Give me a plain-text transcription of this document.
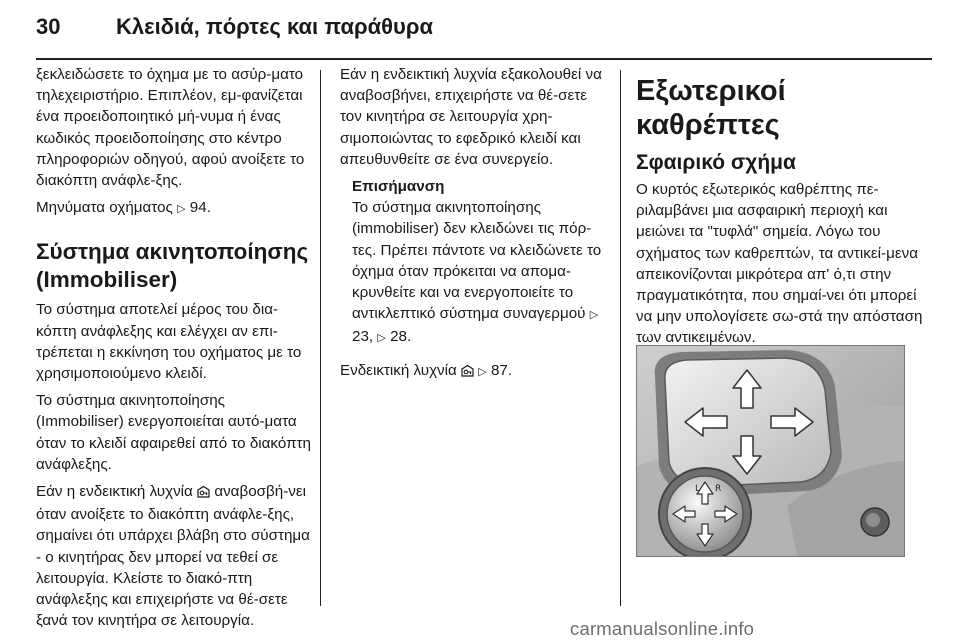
30	Κλειδιά, πόρτες και παράθυρα

ξεκλειδώσετε το όχημα με το ασύρ-ματο τηλεχειριστήριο. Επιπλέον, εμ-φανίζεται ένα προειδοποιητικό μή-νυμα ή ένας κωδικός προειδοποίησης στο κέντρο πληροφοριών οδηγού, αφού ανοίξετε το διακόπτη ανάφλε-ξης.

Μηνύματα οχήματος ▷ 94.

Σύστημα ακινητοποίησης (Immobiliser)

Το σύστημα αποτελεί μέρος του δια-κόπτη ανάφλεξης και ελέγχει αν επι-τρέπεται η εκκίνηση του οχήματος με το χρησιμοποιούμενο κλειδί.

Το σύστημα ακινητοποίησης (Immobiliser) ενεργοποιείται αυτό-ματα όταν το κλειδί αφαιρεθεί από το διακόπτη ανάφλεξης.

Εάν η ενδεικτική λυχνία αναβοσβή-νει όταν ανοίξετε το διακόπτη ανάφλε-ξης, σημαίνει ότι υπάρχει βλάβη στο σύστημα - ο κινητήρας δεν μπορεί να τεθεί σε λειτουργία. Κλείστε το διακό-πτη ανάφλεξης και επιχειρήστε να θέ-σετε ξανά τον κινητήρα σε λειτουργία.

Εάν η ενδεικτική λυχνία εξακολουθεί να αναβοσβήνει, επιχειρήστε να θέ-σετε τον κινητήρα σε λειτουργία χρη-σιμοποιώντας το εφεδρικό κλειδί και απευθυνθείτε σε ένα συνεργείο.

Επισήμανση
Το σύστημα ακινητοποίησης (immobiliser) δεν κλειδώνει τις πόρ-τες. Πρέπει πάντοτε να κλειδώνετε το όχημα όταν πρόκειται να απομα-κρυνθείτε και να ενεργοποιείτε το αντικλεπτικό σύστημα συναγερμού ▷ 23, ▷ 28.

Ενδεικτική λυχνία ▷ 87.

Εξωτερικοί καθρέπτες
Σφαιρικό σχήμα

Ο κυρτός εξωτερικός καθρέπτης πε-ριλαμβάνει μια ασφαιρική περιοχή και μειώνει τα "τυφλά" σημεία. Λόγω του σχήματος των καθρεπτών, τα αντικεί-μενα απεικονίζονται μικρότερα απ' ό,τι στην πραγματικότητα, που σημαί-νει ότι μπορεί να μην υπολογίσετε σω-στά την απόσταση των αντικειμένων.

L R
carmanualsonline.info
